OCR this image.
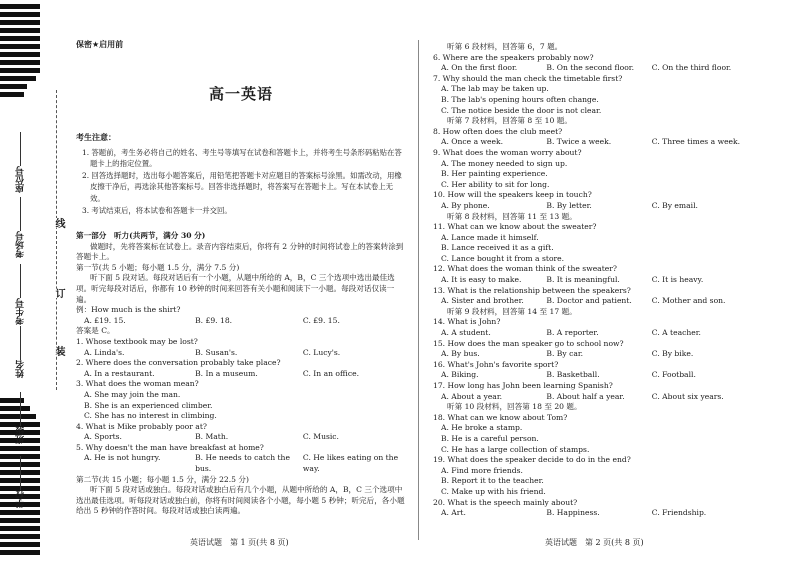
座位号
考场号
考生号
姓名
班级
学校
线
订
装
保密★启用前
高一英语
考生注意：
1. 答题前，考生务必将自己的姓名、考生号等填写在试卷和答题卡上，并将考生号条形码粘贴在答题卡上的指定位置。
2. 回答选择题时，选出每小题答案后，用铅笔把答题卡对应题目的答案标号涂黑。如需改动，用橡皮擦干净后，再选涂其他答案标号。回答非选择题时，将答案写在答题卡上。写在本试卷上无效。
3. 考试结束后，将本试卷和答题卡一并交回。
第一部分　听力(共两节，满分 30 分)
做题时，先将答案标在试卷上。录音内容结束后，你将有 2 分钟的时间将试卷上的答案转涂到答题卡上。
第一节(共 5 小题；每小题 1.5 分，满分 7.5 分)
听下面 5 段对话。每段对话后有一个小题，从题中所给的 A，B，C 三个选项中选出最佳选项。听完每段对话后，你都有 10 秒钟的时间来回答有关小题和阅读下一小题。每段对话仅读一遍。
例：How much is the shirt?
A. £19. 15.	B. £9. 18.	C. £9. 15.
答案是 C。
1. Whose textbook may be lost?
A. Linda's.	B. Susan's.	C. Lucy's.
2. Where does the conversation probably take place?
A. In a restaurant.	B. In a museum.	C. In an office.
3. What does the woman mean?
A. She may join the man.
B. She is an experienced climber.
C. She has no interest in climbing.
4. What is Mike probably poor at?
A. Sports.	B. Math.	C. Music.
5. Why doesn't the man have breakfast at home?
A. He is not hungry.	B. He needs to catch the bus.
C. He likes eating on the way.
第二节(共 15 小题；每小题 1.5 分，满分 22.5 分)
听下面 5 段对话或独白。每段对话或独白后有几个小题，从题中所给的 A，B，C 三个选项中选出最佳选项。听每段对话或独白前，你将有时间阅读各个小题，每小题 5 秒钟；听完后，各小题给出 5 秒钟的作答时间。每段对话或独白读两遍。
听第 6 段材料，回答第 6，7 题。
6. Where are the speakers probably now?
A. On the first floor.	B. On the second floor.	C. On the third floor.
7. Why should the man check the timetable first?
A. The lab may be taken up.
B. The lab's opening hours often change.
C. The notice beside the door is not clear.
听第 7 段材料，回答第 8 至 10 题。
8. How often does the club meet?
A. Once a week.	B. Twice a week.	C. Three times a week.
9. What does the woman worry about?
A. The money needed to sign up.
B. Her painting experience.
C. Her ability to sit for long.
10. How will the speakers keep in touch?
A. By phone.	B. By letter.	C. By email.
听第 8 段材料，回答第 11 至 13 题。
11. What can we know about the sweater?
A. Lance made it himself.
B. Lance received it as a gift.
C. Lance bought it from a store.
12. What does the woman think of the sweater?
A. It is easy to make.	B. It is meaningful.	C. It is heavy.
13. What is the relationship between the speakers?
A. Sister and brother.	B. Doctor and patient.	C. Mother and son.
听第 9 段材料，回答第 14 至 17 题。
14. What is John?
A. A student.	B. A reporter.	C. A teacher.
15. How does the man speaker go to school now?
A. By bus.	B. By car.	C. By bike.
16. What's John's favorite sport?
A. Biking.	B. Basketball.	C. Football.
17. How long has John been learning Spanish?
A. About a year.	B. About half a year.	C. About six years.
听第 10 段材料，回答第 18 至 20 题。
18. What can we know about Tom?
A. He broke a stamp.
B. He is a careful person.
C. He has a large collection of stamps.
19. What does the speaker decide to do in the end?
A. Find more friends.
B. Report it to the teacher.
C. Make up with his friend.
20. What is the speech mainly about?
A. Art.	B. Happiness.	C. Friendship.
英语试题　第 1 页(共 8 页)	英语试题　第 2 页(共 8 页)
